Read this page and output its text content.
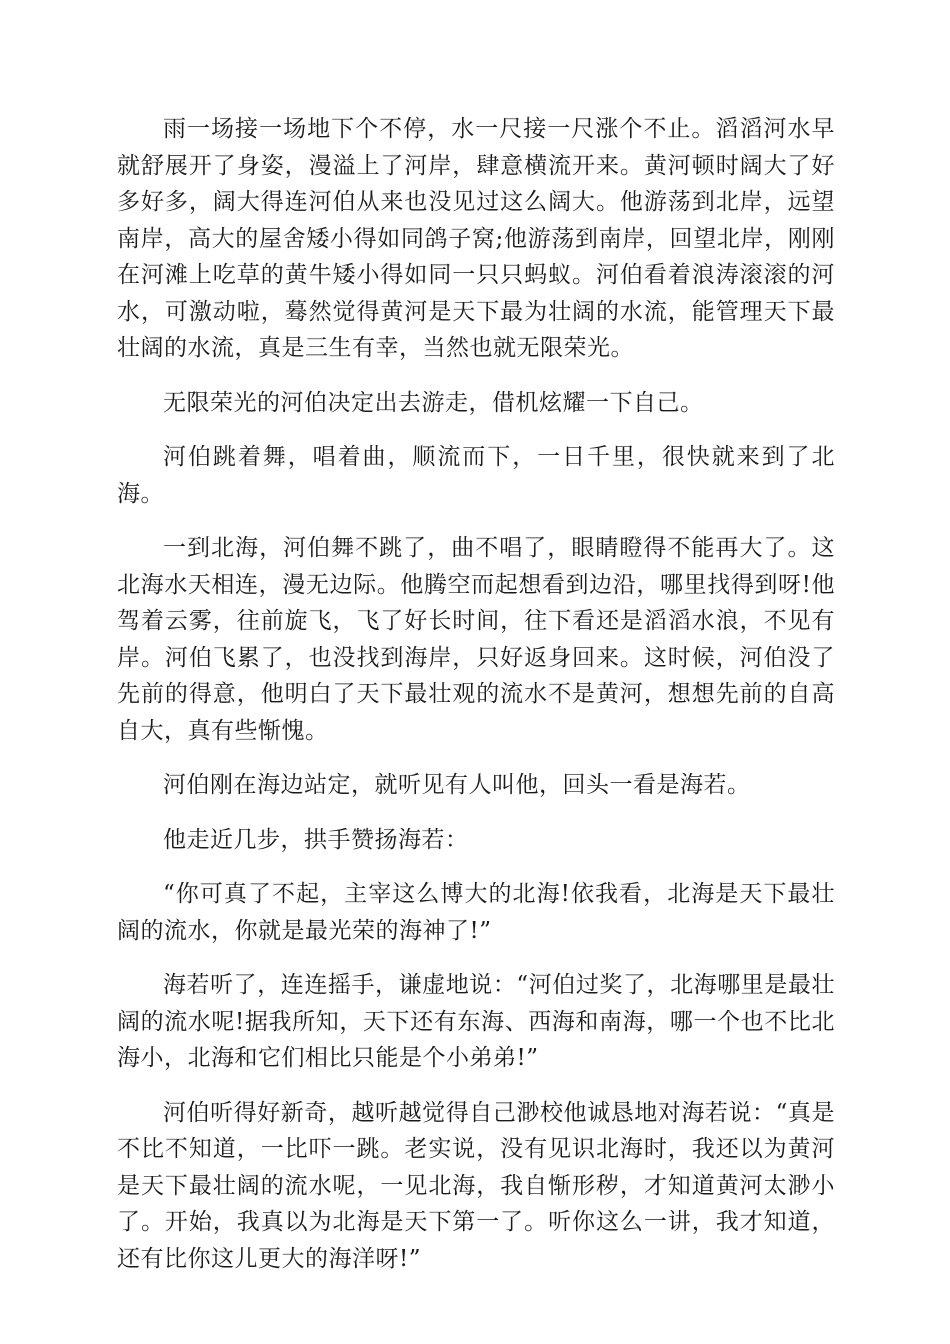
雨一场接一场地下个不停，水一尺接一尺涨个不止。滔滔河水早就舒展开了身姿，漫溢上了河岸，肆意横流开来。黄河顿时阔大了好多好多，阔大得连河伯从来也没见过这么阔大。他游荡到北岸，远望南岸，高大的屋舍矮小得如同鸽子窝;他游荡到南岸，回望北岸，刚刚在河滩上吃草的黄牛矮小得如同一只只蚂蚁。河伯看着浪涛滚滚的河水，可激动啦，蓦然觉得黄河是天下最为壮阔的水流，能管理天下最壮阔的水流，真是三生有幸，当然也就无限荣光。

无限荣光的河伯决定出去游走，借机炫耀一下自己。

河伯跳着舞，唱着曲，顺流而下，一日千里，很快就来到了北海。

一到北海，河伯舞不跳了，曲不唱了，眼睛瞪得不能再大了。这北海水天相连，漫无边际。他腾空而起想看到边沿，哪里找得到呀!他驾着云雾，往前旋飞，飞了好长时间，往下看还是滔滔水浪，不见有岸。河伯飞累了，也没找到海岸，只好返身回来。这时候，河伯没了先前的得意，他明白了天下最壮观的流水不是黄河，想想先前的自高自大，真有些惭愧。

河伯刚在海边站定，就听见有人叫他，回头一看是海若。

他走近几步，拱手赞扬海若：

“你可真了不起，主宰这么博大的北海!依我看，北海是天下最壮阔的流水，你就是最光荣的海神了!”

海若听了，连连摇手，谦虚地说：“河伯过奖了，北海哪里是最壮阔的流水呢!据我所知，天下还有东海、西海和南海，哪一个也不比北海小，北海和它们相比只能是个小弟弟!”

河伯听得好新奇，越听越觉得自己渺校他诚恳地对海若说：“真是不比不知道，一比吓一跳。老实说，没有见识北海时，我还以为黄河是天下最壮阔的流水呢，一见北海，我自惭形秽，才知道黄河太渺小了。开始，我真以为北海是天下第一了。听你这么一讲，我才知道，还有比你这儿更大的海洋呀!”
